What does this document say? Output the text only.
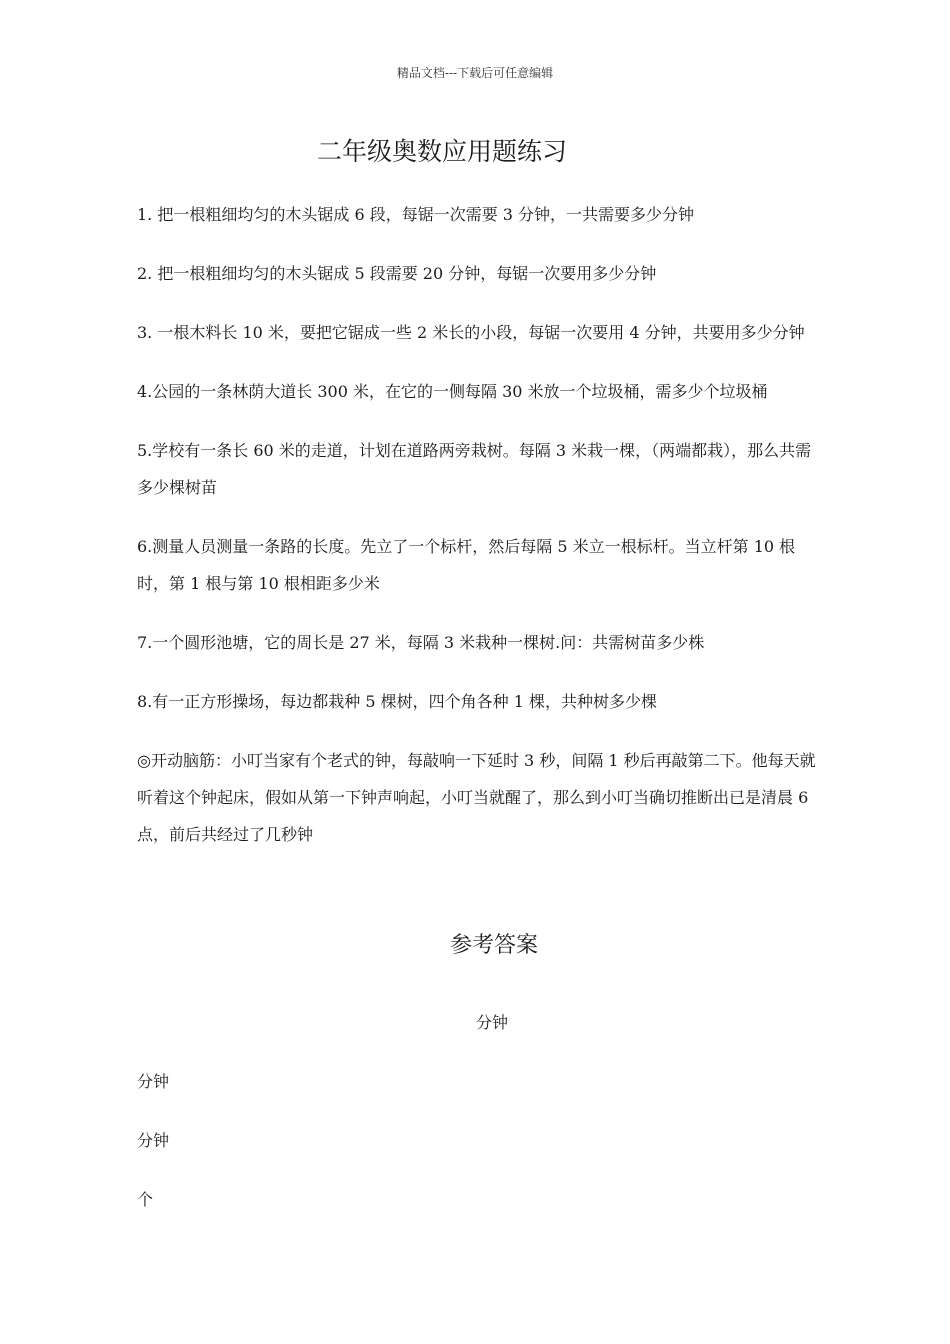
精品文档---下载后可任意编辑
二年级奥数应用题练习

1. 把一根粗细均匀的木头锯成 6 段，每锯一次需要 3 分钟，一共需要多少分钟

2. 把一根粗细均匀的木头锯成 5 段需要 20 分钟，每锯一次要用多少分钟

3. 一根木料长 10 米，要把它锯成一些 2 米长的小段，每锯一次要用 4 分钟，共要用多少分钟

4.公园的一条林荫大道长 300 米，在它的一侧每隔 30 米放一个垃圾桶，需多少个垃圾桶

5.学校有一条长 60 米的走道，计划在道路两旁栽树。每隔 3 米栽一棵，（两端都栽），那么共需多少棵树苗

6.测量人员测量一条路的长度。先立了一个标杆，然后每隔 5 米立一根标杆。当立杆第 10 根时，第 1 根与第 10 根相距多少米

7.一个圆形池塘，它的周长是 27 米，每隔 3 米栽种一棵树.问：共需树苗多少株

8.有一正方形操场，每边都栽种 5 棵树，四个角各种 1 棵，共种树多少棵

◎开动脑筋：小叮当家有个老式的钟，每敲响一下延时 3 秒，间隔 1 秒后再敲第二下。他每天就听着这个钟起床，假如从第一下钟声响起，小叮当就醒了，那么到小叮当确切推断出已是清晨 6 点，前后共经过了几秒钟

参考答案

分钟

分钟

分钟

个
